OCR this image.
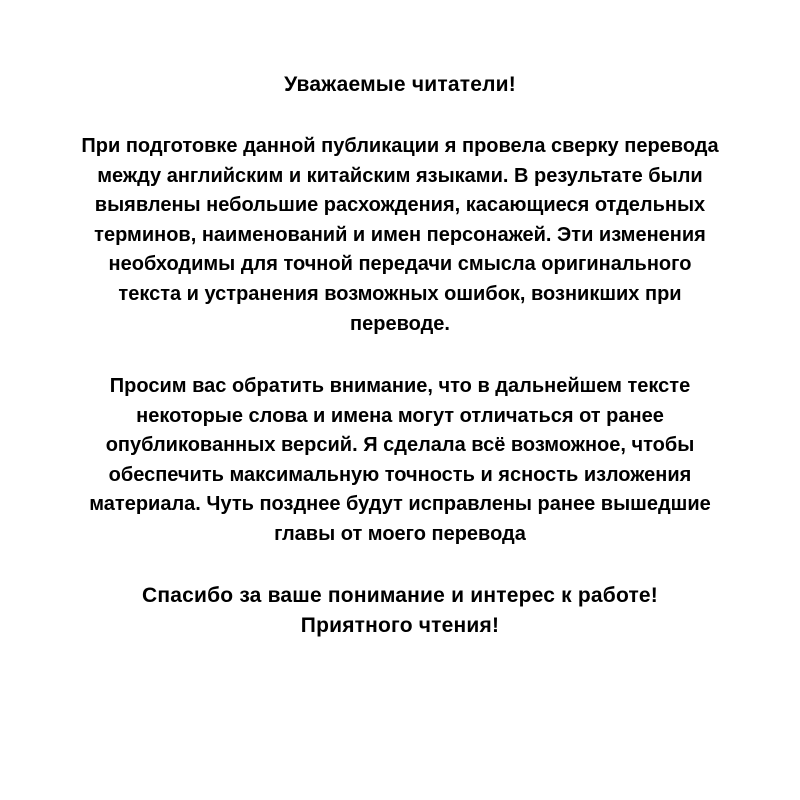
Уважаемые читатели!
При подготовке данной публикации я провела сверку перевода
между английским и китайским языками. В результате были
выявлены небольшие расхождения, касающиеся отдельных
терминов, наименований и имен персонажей. Эти изменения
необходимы для точной передачи смысла оригинального
текста и устранения возможных ошибок, возникших при
переводе.
Просим вас обратить внимание, что в дальнейшем тексте
некоторые слова и имена могут отличаться от ранее
опубликованных версий. Я сделала всё возможное, чтобы
обеспечить максимальную точность и ясность изложения
материала. Чуть позднее будут исправлены ранее вышедшие
главы от моего перевода
Спасибо за ваше понимание и интерес к работе!
Приятного чтения!
